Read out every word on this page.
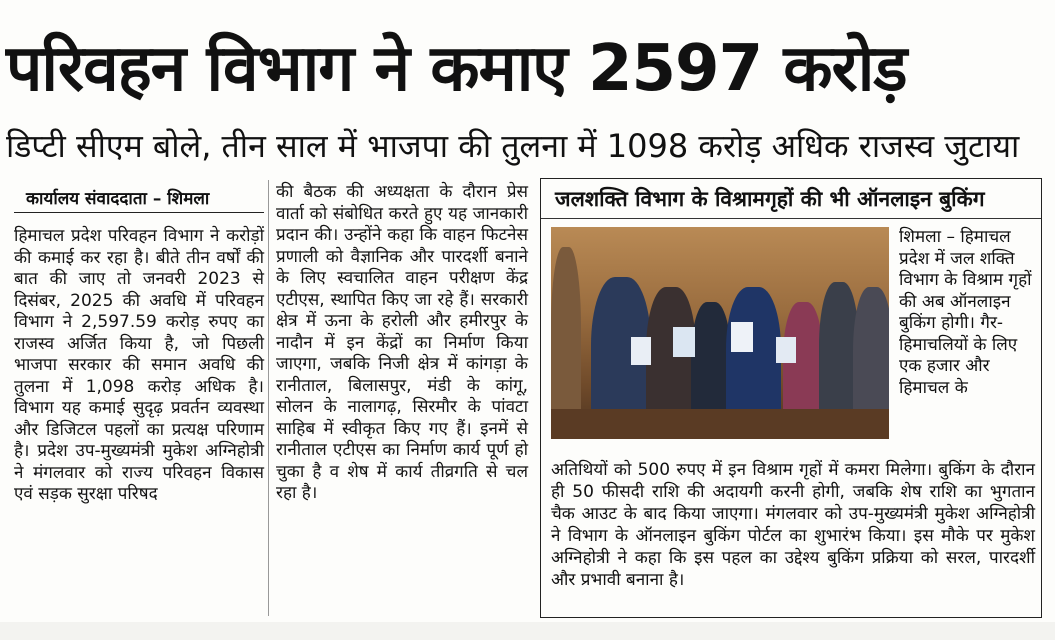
परिवहन विभाग ने कमाए 2597 करोड़
डिप्टी सीएम बोले, तीन साल में भाजपा की तुलना में 1098 करोड़ अधिक राजस्व जुटाया
कार्यालय संवाददाता – शिमला

हिमाचल प्रदेश परिवहन विभाग ने करोड़ों की कमाई कर रहा है। बीते तीन वर्षों की बात की जाए तो जनवरी 2023 से दिसंबर, 2025 की अवधि में परिवहन विभाग ने 2,597.59 करोड़ रुपए का राजस्व अर्जित किया है, जो पिछली भाजपा सरकार की समान अवधि की तुलना में 1,098 करोड़ अधिक है। विभाग यह कमाई सुदृढ़ प्रवर्तन व्यवस्था और डिजिटल पहलों का प्रत्यक्ष परिणाम है। प्रदेश उप-मुख्यमंत्री मुकेश अग्निहोत्री ने मंगलवार को राज्य परिवहन विकास एवं सड़क सुरक्षा परिषद

की बैठक की अध्यक्षता के दौरान प्रेस वार्ता को संबोधित करते हुए यह जानकारी प्रदान की। उन्होंने कहा कि वाहन फिटनेस प्रणाली को वैज्ञानिक और पारदर्शी बनाने के लिए स्वचालित वाहन परीक्षण केंद्र एटीएस, स्थापित किए जा रहे हैं। सरकारी क्षेत्र में ऊना के हरोली और हमीरपुर के नादौन में इन केंद्रों का निर्माण किया जाएगा, जबकि निजी क्षेत्र में कांगड़ा के रानीताल, बिलासपुर, मंडी के कांगू, सोलन के नालागढ़, सिरमौर के पांवटा साहिब में स्वीकृत किए गए हैं। इनमें से रानीताल एटीएस का निर्माण कार्य पूर्ण हो चुका है व शेष में कार्य तीव्रगति से चल रहा है।

जलशक्ति विभाग के विश्रामगृहों की भी ऑनलाइन बुकिंग
शिमला – हिमाचल प्रदेश में जल शक्ति विभाग के विश्राम गृहों की अब ऑनलाइन बुकिंग होगी। गैर-हिमाचलियों के लिए एक हजार और हिमाचल के
अतिथियों को 500 रुपए में इन विश्राम गृहों में कमरा मिलेगा। बुकिंग के दौरान ही 50 फीसदी राशि की अदायगी करनी होगी, जबकि शेष राशि का भुगतान चैक आउट के बाद किया जाएगा। मंगलवार को उप-मुख्यमंत्री मुकेश अग्निहोत्री ने विभाग के ऑनलाइन बुकिंग पोर्टल का शुभारंभ किया। इस मौके पर मुकेश अग्निहोत्री ने कहा कि इस पहल का उद्देश्य बुकिंग प्रक्रिया को सरल, पारदर्शी और प्रभावी बनाना है।
